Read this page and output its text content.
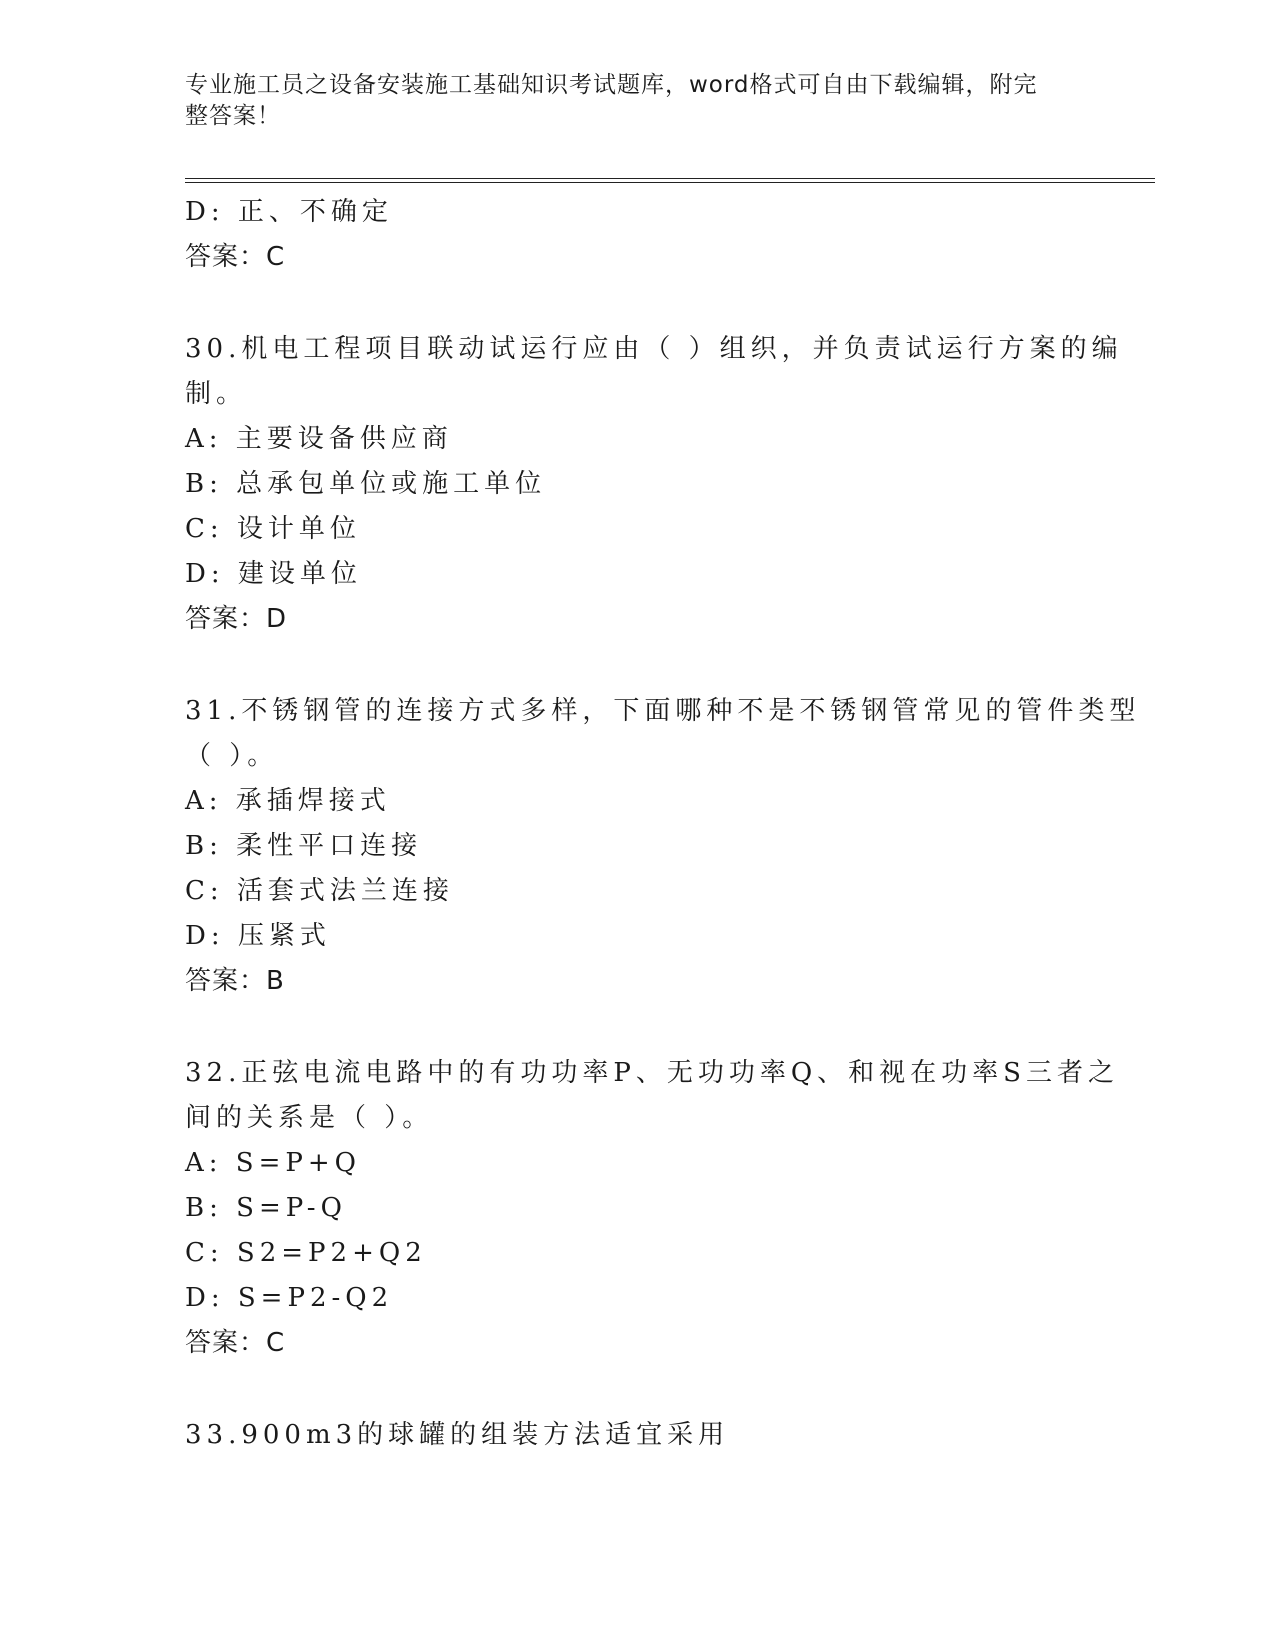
专业施工员之设备安装施工基础知识考试题库，word格式可自由下载编辑，附完
整答案！
D: 正、不确定
答案：C
30.机电工程项目联动试运行应由（ ）组织，并负责试运行方案的编
制。
A: 主要设备供应商
B: 总承包单位或施工单位
C: 设计单位
D: 建设单位
答案：D
31.不锈钢管的连接方式多样，下面哪种不是不锈钢管常见的管件类型
（ ）。
A: 承插焊接式
B: 柔性平口连接
C: 活套式法兰连接
D: 压紧式
答案：B
32.正弦电流电路中的有功功率P、无功功率Q、和视在功率S三者之
间的关系是（ ）。
A: S=P+Q
B: S=P-Q
C: S2=P2+Q2
D: S=P2-Q2
答案：C
33.900m3的球罐的组装方法适宜采用
